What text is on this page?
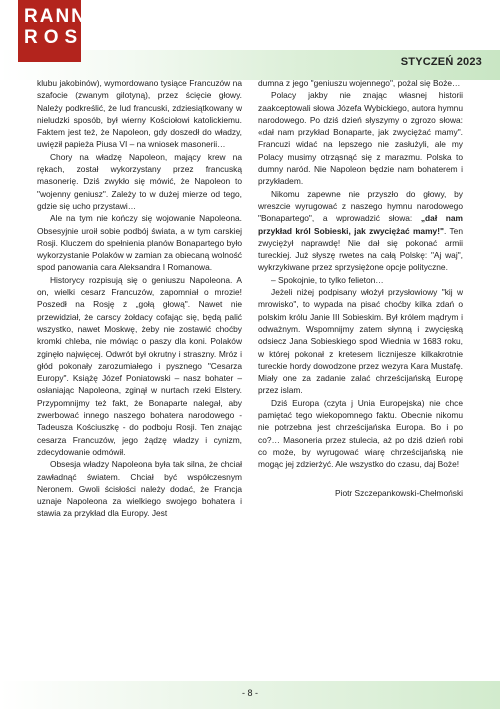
RANNA
ROSA
STYCZEŃ 2023

klubu jakobinów), wymordowano tysiące Francuzów na szafocie (zwanym gilotyną), przez ścięcie głowy. Należy podkreślić, że lud francuski, zdziesiątkowany w nieludzki sposób, był wierny Kościołowi katolickiemu. Faktem jest też, że Napoleon, gdy doszedł do władzy, uwięził papieża Piusa VI – na wniosek masonerii…

Chory na władzę Napoleon, mający krew na rękach, został wykorzystany przez francuską masonerię. Dziś zwykło się mówić, że Napoleon to "wojenny geniusz". Zależy to w dużej mierze od tego, gdzie się ucho przystawi…

Ale na tym nie kończy się wojowanie Napoleona. Obsesyjnie uroił sobie podbój świata, a w tym carskiej Rosji. Kluczem do spełnienia planów Bonapartego było wykorzystanie Polaków w zamian za obiecaną wolność spod panowania cara Aleksandra I Romanowa.

Historycy rozpisują się o geniuszu Napoleona. A on, wielki cesarz Francuzów, zapomniał o mrozie! Poszedł na Rosję z „gołą głową". Nawet nie przewidział, że carscy żołdacy cofając się, będą palić wszystko, nawet Moskwę, żeby nie zostawić choćby kromki chleba, nie mówiąc o paszy dla koni. Polaków zginęło najwięcej. Odwrót był okrutny i straszny. Mróz i głód pokonały zarozumiałego i pysznego "Cesarza Europy". Książę Józef Poniatowski – nasz bohater – osłaniając Napoleona, zginął w nurtach rzeki Elstery. Przypomnijmy też fakt, że Bonaparte nalegał, aby zwerbować innego naszego bohatera narodowego - Tadeusza Kościuszkę - do podboju Rosji. Ten znając cesarza Francuzów, jego żądzę władzy i cynizm, zdecydowanie odmówił.

Obsesja władzy Napoleona była tak silna, że chciał zawładnąć światem. Chciał być współczesnym Neronem. Gwoli ścisłości należy dodać, że Francja uznaje Napoleona za wielkiego swojego bohatera i stawia za przykład dla Europy. Jest

dumna z jego "geniuszu wojennego", pożal się Boże…

Polacy jakby nie znając własnej historii zaakceptowali słowa Józefa Wybickiego, autora hymnu narodowego. Po dziś dzień słyszymy o zgrozo słowa: «dał nam przykład Bonaparte, jak zwyciężać mamy". Francuzi widać na lepszego nie zasłużyli, ale my Polacy musimy otrząsnąć się z marazmu. Polska to dumny naród. Nie Napoleon będzie nam bohaterem i przykładem.

Nikomu zapewne nie przyszło do głowy, by wreszcie wyrugować z naszego hymnu narodowego "Bonapartego", a wprowadzić słowa: „dał nam przykład król Sobieski, jak zwyciężać mamy!". Ten zwyciężył naprawdę! Nie dał się pokonać armii tureckiej. Już słyszę rwetes na całą Polskę: "Aj waj", wykrzykiwane przez sprzysiężone opcje polityczne.

– Spokojnie, to tylko felieton…

Jeżeli niżej podpisany włożył przysłowiowy "kij w mrowisko", to wypada na pisać choćby kilka zdań o polskim królu Janie III Sobieskim. Był królem mądrym i odważnym. Wspomnijmy zatem słynną i zwycięską odsiecz Jana Sobieskiego spod Wiednia w 1683 roku, w której pokonał z kretesem licznijesze kilkakrotnie tureckie hordy dowodzone przez wezyra Kara Mustafę. Miały one za zadanie zalać chrześcijańską Europę przez islam.

Dziś Europa (czyta j Unia Europejska) nie chce pamiętać tego wiekopomnego faktu. Obecnie nikomu nie potrzebna jest chrześcijańska Europa. Bo i po co?… Masoneria przez stulecia, aż po dziś dzień robi co może, by wyrugować wiarę chrześcijańską nie mogąc jej zdzierżyć. Ale wszystko do czasu, daj Boże!

Piotr Szczepankowski-Chełmoński

- 8 -
